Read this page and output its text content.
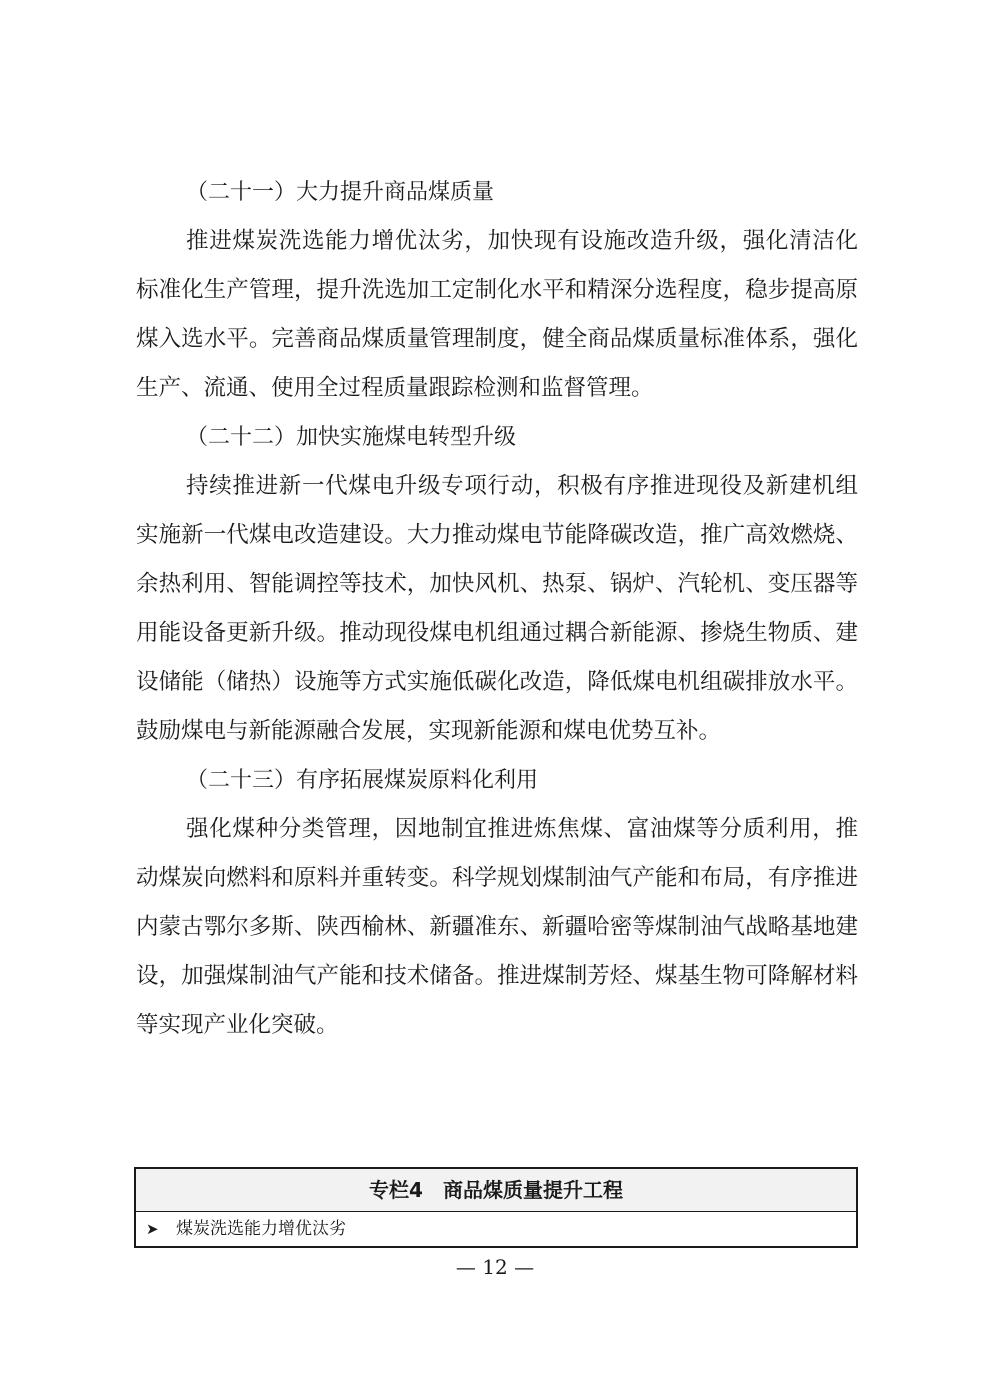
（二十一）大力提升商品煤质量

推进煤炭洗选能力增优汰劣，加快现有设施改造升级，强化清洁化标准化生产管理，提升洗选加工定制化水平和精深分选程度，稳步提高原煤入选水平。完善商品煤质量管理制度，健全商品煤质量标准体系，强化生产、流通、使用全过程质量跟踪检测和监督管理。

（二十二）加快实施煤电转型升级

持续推进新一代煤电升级专项行动，积极有序推进现役及新建机组实施新一代煤电改造建设。大力推动煤电节能降碳改造，推广高效燃烧、余热利用、智能调控等技术，加快风机、热泵、锅炉、汽轮机、变压器等用能设备更新升级。推动现役煤电机组通过耦合新能源、掺烧生物质、建设储能（储热）设施等方式实施低碳化改造，降低煤电机组碳排放水平。鼓励煤电与新能源融合发展，实现新能源和煤电优势互补。

（二十三）有序拓展煤炭原料化利用

强化煤种分类管理，因地制宜推进炼焦煤、富油煤等分质利用，推动煤炭向燃料和原料并重转变。科学规划煤制油气产能和布局，有序推进内蒙古鄂尔多斯、陕西榆林、新疆准东、新疆哈密等煤制油气战略基地建设，加强煤制油气产能和技术储备。推进煤制芳烃、煤基生物可降解材料等实现产业化突破。

专栏4　商品煤质量提升工程
➤ 煤炭洗选能力增优汰劣
— 12 —
